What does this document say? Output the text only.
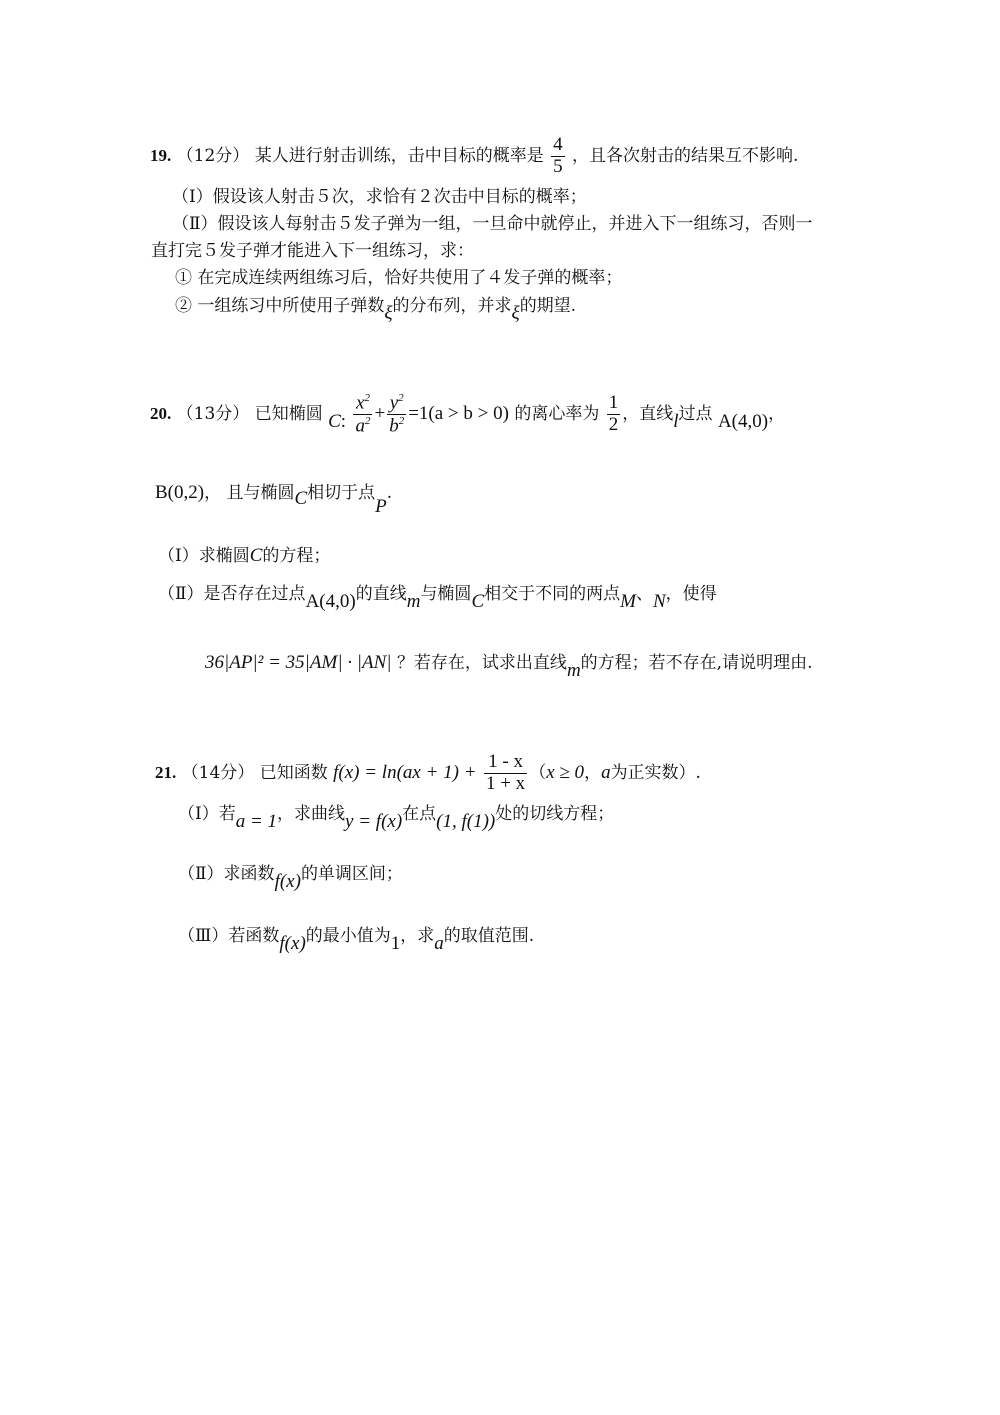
19. （12分） 某人进行射击训练，击中目标的概率是 $\frac{4}{5}$ ，且各次射击的结果互不影响.
（Ⅰ）假设该人射击５次，求恰有２次击中目标的概率；
（Ⅱ）假设该人每射击５发子弹为一组，一旦命中就停止，并进入下一组练习，否则一
直打完５发子弹才能进入下一组练习，求：
① 在完成连续两组练习后，恰好共使用了４发子弹的概率；
② 一组练习中所使用子弹数ξ的分布列，并求ξ的期望.
20. （13分） 已知椭圆 C: $\frac{x^2}{a^2} + \frac{y^2}{b^2} =1(a > b > 0)$ 的离心率为 $\frac{1}{2}$ ，直线l过点 A(4,0)，
B(0,2)， 且与椭圆C相切于点P.
（Ⅰ）求椭圆C的方程；
（Ⅱ）是否存在过点A(4,0)的直线m与椭圆C相交于不同的两点M、N，使得
36|AP|² = 35|AM| · |AN| ？若存在，试求出直线m的方程；若不存在,请说明理由.
21. （14分） 已知函数 $f(x) = \ln(ax + 1) + \frac{1 - x}{1 + x} (x \ge 0$，a为正实数）.
（Ⅰ）若a = 1，求曲线y = f(x)在点(1, f(1))处的切线方程；
（Ⅱ）求函数f(x)的单调区间；
（Ⅲ）若函数f(x)的最小值为1，求a的取值范围.
